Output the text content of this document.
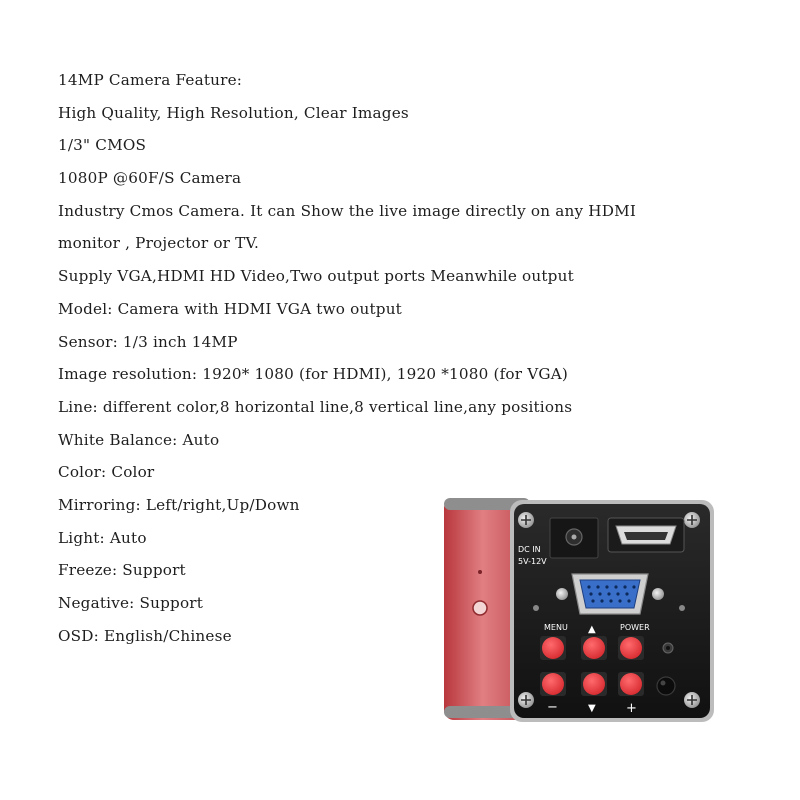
14MP Camera Feature:
High Quality, High Resolution, Clear Images
1/3" CMOS
1080P @60F/S Camera
Industry Cmos Camera. It can Show the live image directly on any HDMI
monitor , Projector or TV.
Supply VGA,HDMI HD Video,Two output ports Meanwhile output
Model: Camera with HDMI VGA two output
Sensor: 1/3 inch 14MP
Image resolution: 1920* 1080 (for HDMI), 1920 *1080 (for VGA)
Line: different color,8 horizontal line,8 vertical line,any positions
White Balance: Auto
Color: Color
Mirroring: Left/right,Up/Down
Light: Auto
Freeze: Support
Negative: Support
OSD: English/Chinese
DC IN
5V-12V
MENU ▲	POWER
−	▼ +
